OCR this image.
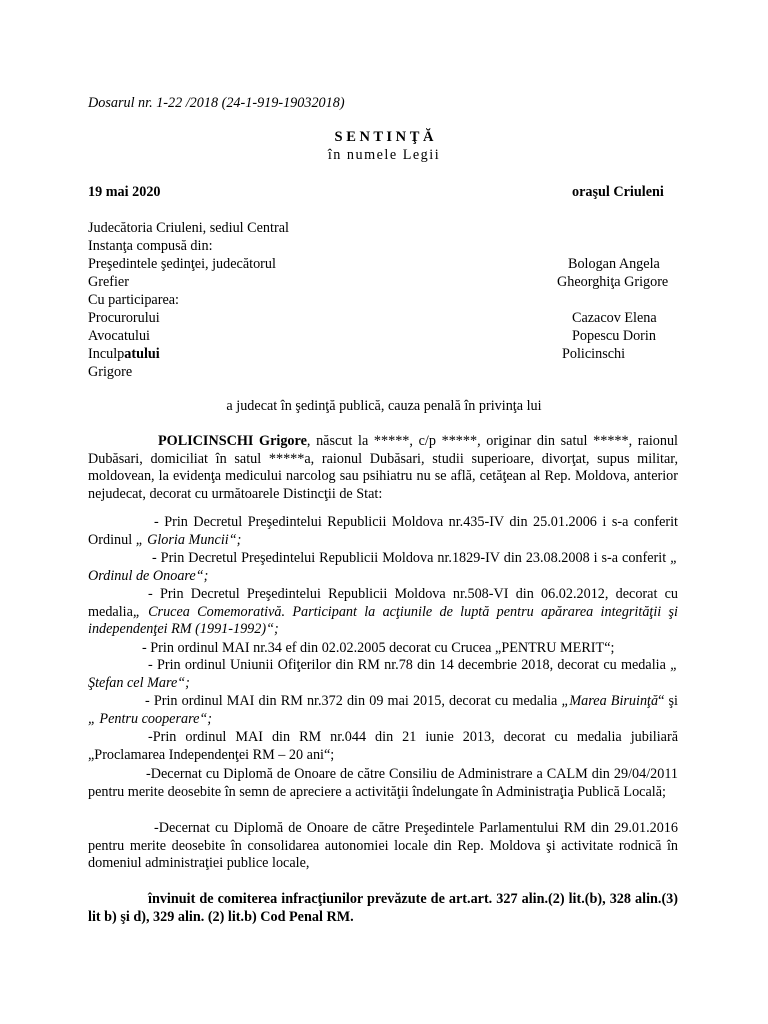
Dosarul nr. 1-22 /2018 (24-1-919-19032018)
S E N T I N Ţ Ă
în numele Legii
19 mai 2020	oraşul Criuleni
Judecătoria Criuleni, sediul Central
Instanţa compusă din:
Preşedintele şedinţei, judecătorul	Bologan Angela
Grefier	Gheorghiţa Grigore
Cu participarea:
Procurorului	Cazacov Elena
Avocatului	Popescu Dorin
Inculpatului	Policinschi
Grigore
a judecat în şedinţă publică, cauza penală în privinţa lui
POLICINSCHI Grigore, născut la *****, c/p *****, originar din satul *****, raionul Dubăsari, domiciliat în satul *****a, raionul Dubăsari, studii superioare, divorţat, supus militar, moldovean, la evidenţa medicului narcolog sau psihiatru nu se află, cetăţean al Rep. Moldova, anterior nejudecat, decorat cu următoarele Distincţii de Stat:
- Prin Decretul Preşedintelui Republicii Moldova nr.435-IV din 25.01.2006 i s-a conferit Ordinul „ Gloria Muncii“;
- Prin Decretul Preşedintelui Republicii Moldova nr.1829-IV din 23.08.2008 i s-a conferit „ Ordinul de Onoare“;
- Prin Decretul Preşedintelui Republicii Moldova nr.508-VI din 06.02.2012, decorat cu medalia„ Crucea Comemorativă. Participant la acţiunile de luptă pentru apărarea integrităţii şi independenţei RM (1991-1992)“;
- Prin ordinul MAI nr.34 ef din 02.02.2005 decorat cu Crucea „PENTRU MERIT“;
- Prin ordinul Uniunii Ofiţerilor din RM nr.78 din 14 decembrie 2018, decorat cu medalia „ Ştefan cel Mare“;
- Prin ordinul MAI din RM nr.372 din 09 mai 2015, decorat cu medalia „Marea Biruinţă“ şi „ Pentru cooperare“;
-Prin ordinul MAI din RM nr.044 din 21 iunie 2013, decorat cu medalia jubiliară „Proclamarea Independenţei RM – 20 ani“;
-Decernat cu Diplomă de Onoare de către Consiliu de Administrare a CALM din 29/04/2011 pentru merite deosebite în semn de apreciere a activităţii îndelungate în Administraţia Publică Locală;
-Decernat cu Diplomă de Onoare de către Preşedintele Parlamentului RM din 29.01.2016 pentru merite deosebite în consolidarea autonomiei locale din Rep. Moldova şi activitate rodnică în domeniul administraţiei publice locale,
învinuit de comiterea infracţiunilor prevăzute de art.art. 327 alin.(2) lit.(b), 328 alin.(3) lit b) şi d), 329 alin. (2) lit.b) Cod Penal RM.
